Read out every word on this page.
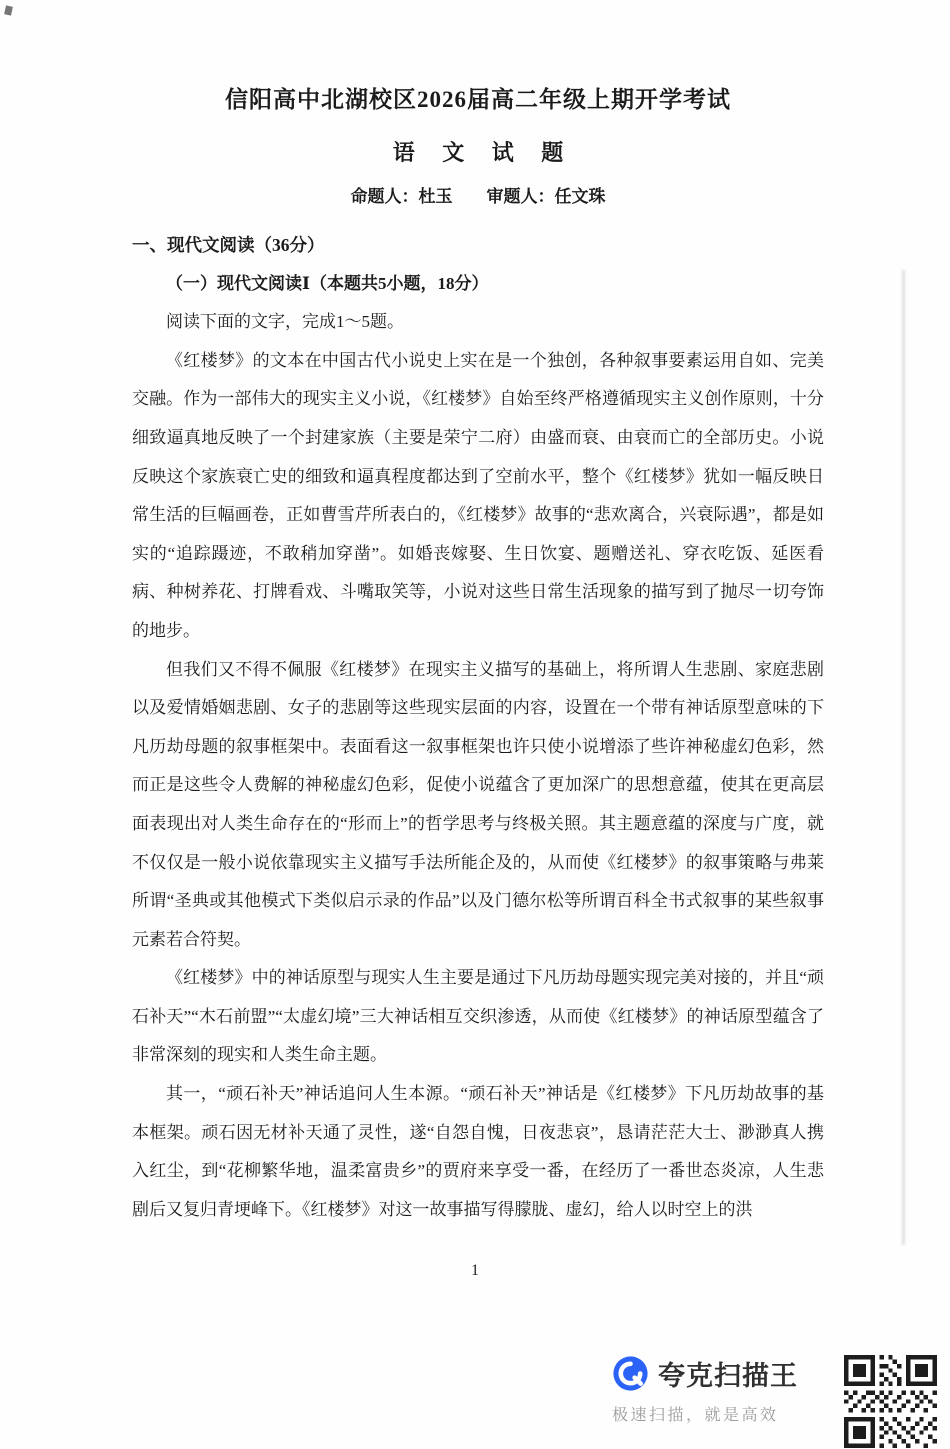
信阳高中北湖校区2026届高二年级上期开学考试
语 文 试 题
命题人：杜玉 审题人：任文珠
一、现代文阅读（36分）
（一）现代文阅读Ⅰ（本题共5小题，18分）

阅读下面的文字，完成1～5题。

《红楼梦》的文本在中国古代小说史上实在是一个独创，各种叙事要素运用自如、完美交融。作为一部伟大的现实主义小说，《红楼梦》自始至终严格遵循现实主义创作原则，十分细致逼真地反映了一个封建家族（主要是荣宁二府）由盛而衰、由衰而亡的全部历史。小说反映这个家族衰亡史的细致和逼真程度都达到了空前水平，整个《红楼梦》犹如一幅反映日常生活的巨幅画卷，正如曹雪芹所表白的，《红楼梦》故事的“悲欢离合，兴衰际遇”，都是如实的“追踪蹑迹，不敢稍加穿凿”。如婚丧嫁娶、生日饮宴、题赠送礼、穿衣吃饭、延医看病、种树养花、打牌看戏、斗嘴取笑等，小说对这些日常生活现象的描写到了抛尽一切夸饰的地步。

但我们又不得不佩服《红楼梦》在现实主义描写的基础上，将所谓人生悲剧、家庭悲剧以及爱情婚姻悲剧、女子的悲剧等这些现实层面的内容，设置在一个带有神话原型意味的下凡历劫母题的叙事框架中。表面看这一叙事框架也许只使小说增添了些许神秘虚幻色彩，然而正是这些令人费解的神秘虚幻色彩，促使小说蕴含了更加深广的思想意蕴，使其在更高层面表现出对人类生命存在的“形而上”的哲学思考与终极关照。其主题意蕴的深度与广度，就不仅仅是一般小说依靠现实主义描写手法所能企及的，从而使《红楼梦》的叙事策略与弗莱所谓“圣典或其他模式下类似启示录的作品”以及门德尔松等所谓百科全书式叙事的某些叙事元素若合符契。

《红楼梦》中的神话原型与现实人生主要是通过下凡历劫母题实现完美对接的，并且“顽石补天”“木石前盟”“太虚幻境”三大神话相互交织渗透，从而使《红楼梦》的神话原型蕴含了非常深刻的现实和人类生命主题。

其一，“顽石补天”神话追问人生本源。“顽石补天”神话是《红楼梦》下凡历劫故事的基本框架。顽石因无材补天通了灵性，遂“自怨自愧，日夜悲哀”，恳请茫茫大士、渺渺真人携入红尘，到“花柳繁华地，温柔富贵乡”的贾府来享受一番，在经历了一番世态炎凉，人生悲剧后又复归青埂峰下。《红楼梦》对这一故事描写得朦胧、虚幻，给人以时空上的洪

1
夸克扫描王
极速扫描，就是高效
